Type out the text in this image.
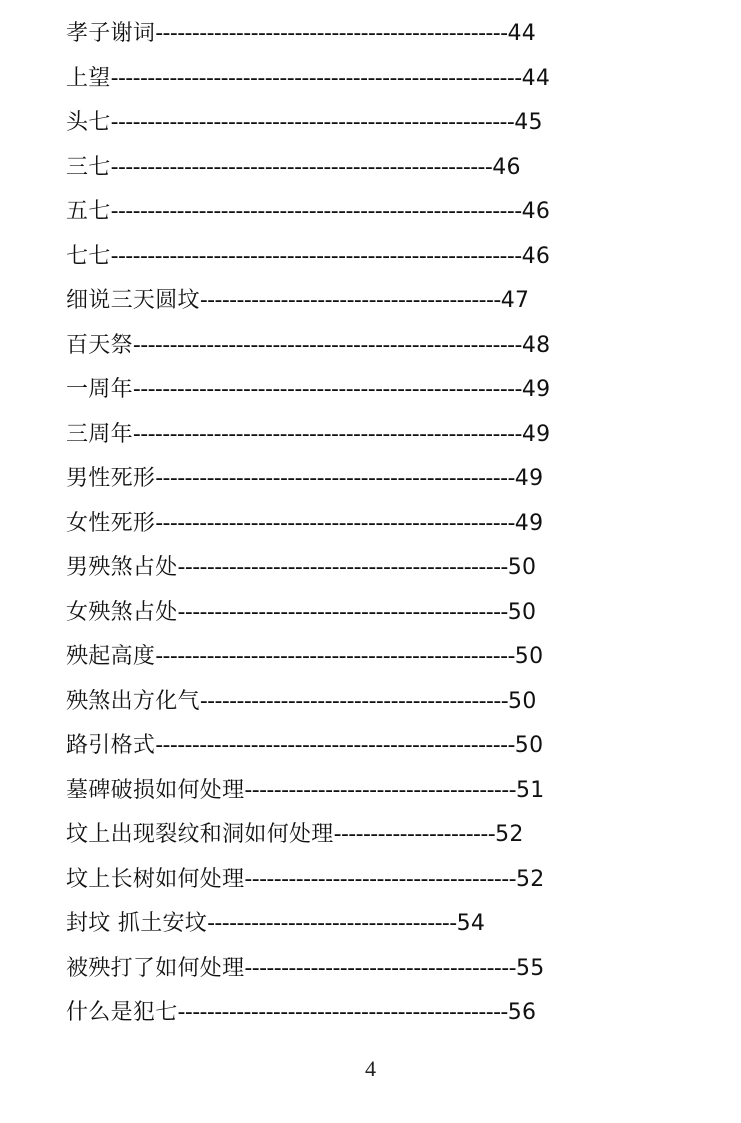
孝子谢词------------------------------------------------44
上望--------------------------------------------------------44
头七-------------------------------------------------------45
三七----------------------------------------------------46
五七--------------------------------------------------------46
七七--------------------------------------------------------46
细说三天圆坟-----------------------------------------47
百天祭-----------------------------------------------------48
一周年-----------------------------------------------------49
三周年-----------------------------------------------------49
男性死形-------------------------------------------------49
女性死形-------------------------------------------------49
男殃煞占处---------------------------------------------50
女殃煞占处---------------------------------------------50
殃起高度-------------------------------------------------50
殃煞出方化气------------------------------------------50
路引格式-------------------------------------------------50
墓碑破损如何处理-------------------------------------51
坟上出现裂纹和洞如何处理----------------------52
坟上长树如何处理-------------------------------------52
封坟 抓土安坟----------------------------------54
被殃打了如何处理-------------------------------------55
什么是犯七---------------------------------------------56
4
